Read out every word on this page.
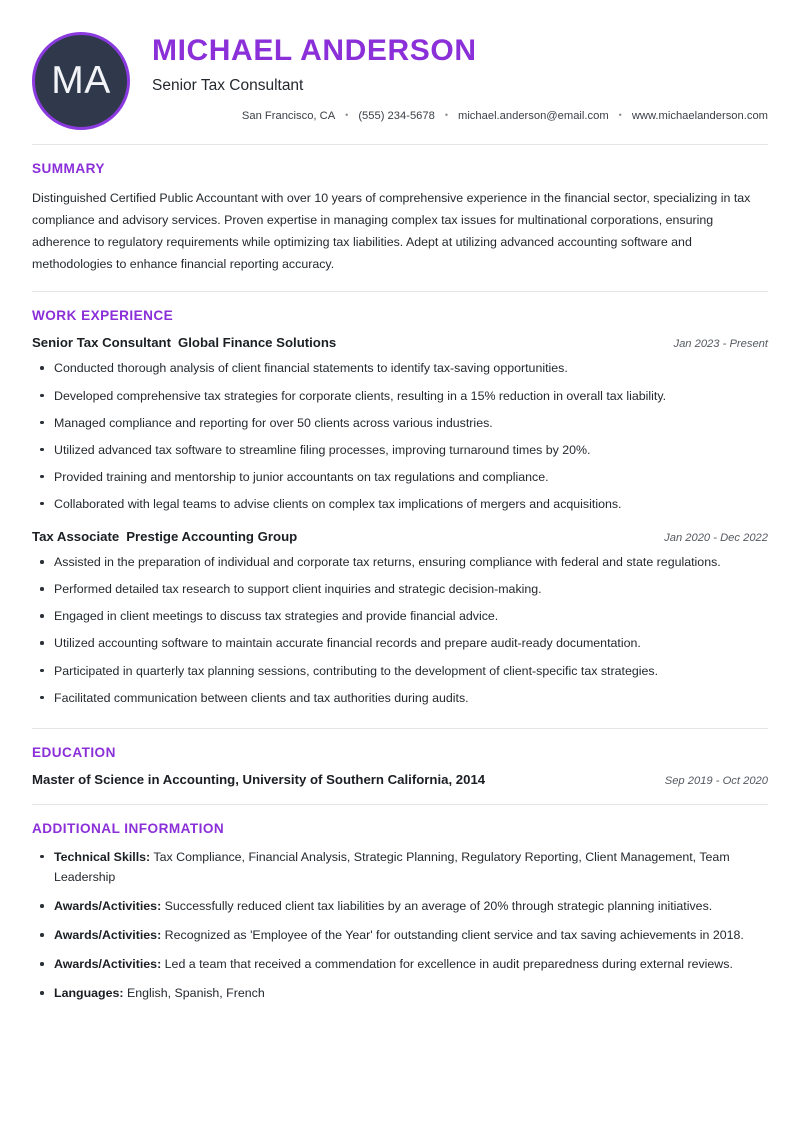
MA
MICHAEL ANDERSON
Senior Tax Consultant
San Francisco, CA	• (555) 234-5678	• michael.anderson@email.com	• www.michaelanderson.com
SUMMARY

Distinguished Certified Public Accountant with over 10 years of comprehensive experience in the financial sector, specializing in tax compliance and advisory services. Proven expertise in managing complex tax issues for multinational corporations, ensuring adherence to regulatory requirements while optimizing tax liabilities. Adept at utilizing advanced accounting software and methodologies to enhance financial reporting accuracy.

WORK EXPERIENCE
Senior Tax Consultant Global Finance Solutions	Jan 2023 - Present
Conducted thorough analysis of client financial statements to identify tax-saving opportunities.
Developed comprehensive tax strategies for corporate clients, resulting in a 15% reduction in overall tax liability.
Managed compliance and reporting for over 50 clients across various industries.
Utilized advanced tax software to streamline filing processes, improving turnaround times by 20%.
Provided training and mentorship to junior accountants on tax regulations and compliance.
Collaborated with legal teams to advise clients on complex tax implications of mergers and acquisitions.
Tax Associate Prestige Accounting Group	Jan 2020 - Dec 2022
Assisted in the preparation of individual and corporate tax returns, ensuring compliance with federal and state regulations.
Performed detailed tax research to support client inquiries and strategic decision-making.
Engaged in client meetings to discuss tax strategies and provide financial advice.
Utilized accounting software to maintain accurate financial records and prepare audit-ready documentation.
Participated in quarterly tax planning sessions, contributing to the development of client-specific tax strategies.
Facilitated communication between clients and tax authorities during audits.
EDUCATION
Master of Science in Accounting, University of Southern California, 2014	Sep 2019 - Oct 2020
ADDITIONAL INFORMATION
Technical Skills: Tax Compliance, Financial Analysis, Strategic Planning, Regulatory Reporting, Client Management, Team Leadership
Awards/Activities: Successfully reduced client tax liabilities by an average of 20% through strategic planning initiatives.
Awards/Activities: Recognized as 'Employee of the Year' for outstanding client service and tax saving achievements in 2018.
Awards/Activities: Led a team that received a commendation for excellence in audit preparedness during external reviews.
Languages: English, Spanish, French
